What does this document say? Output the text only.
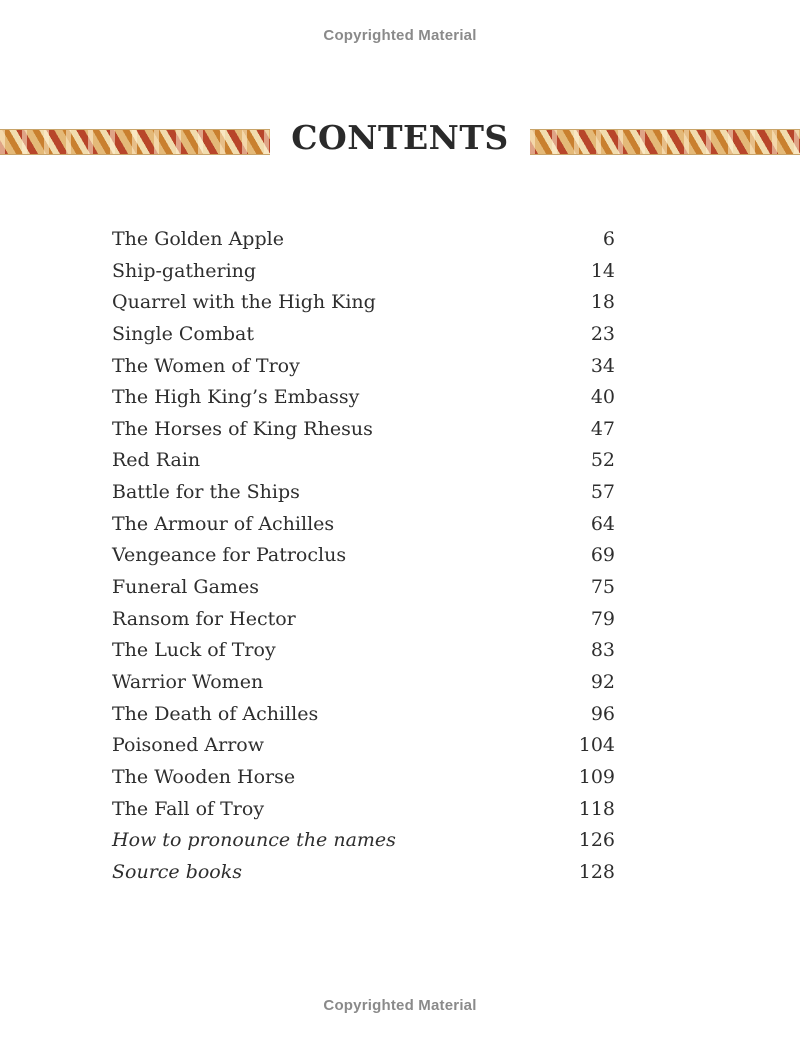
Copyrighted Material
CONTENTS
The Golden Apple	6
Ship-gathering	14
Quarrel with the High King	18
Single Combat	23
The Women of Troy	34
The High King’s Embassy	40
The Horses of King Rhesus	47
Red Rain	52
Battle for the Ships	57
The Armour of Achilles	64
Vengeance for Patroclus	69
Funeral Games	75
Ransom for Hector	79
The Luck of Troy	83
Warrior Women	92
The Death of Achilles	96
Poisoned Arrow	104
The Wooden Horse	109
The Fall of Troy	118
How to pronounce the names	126
Source books	128
Copyrighted Material
